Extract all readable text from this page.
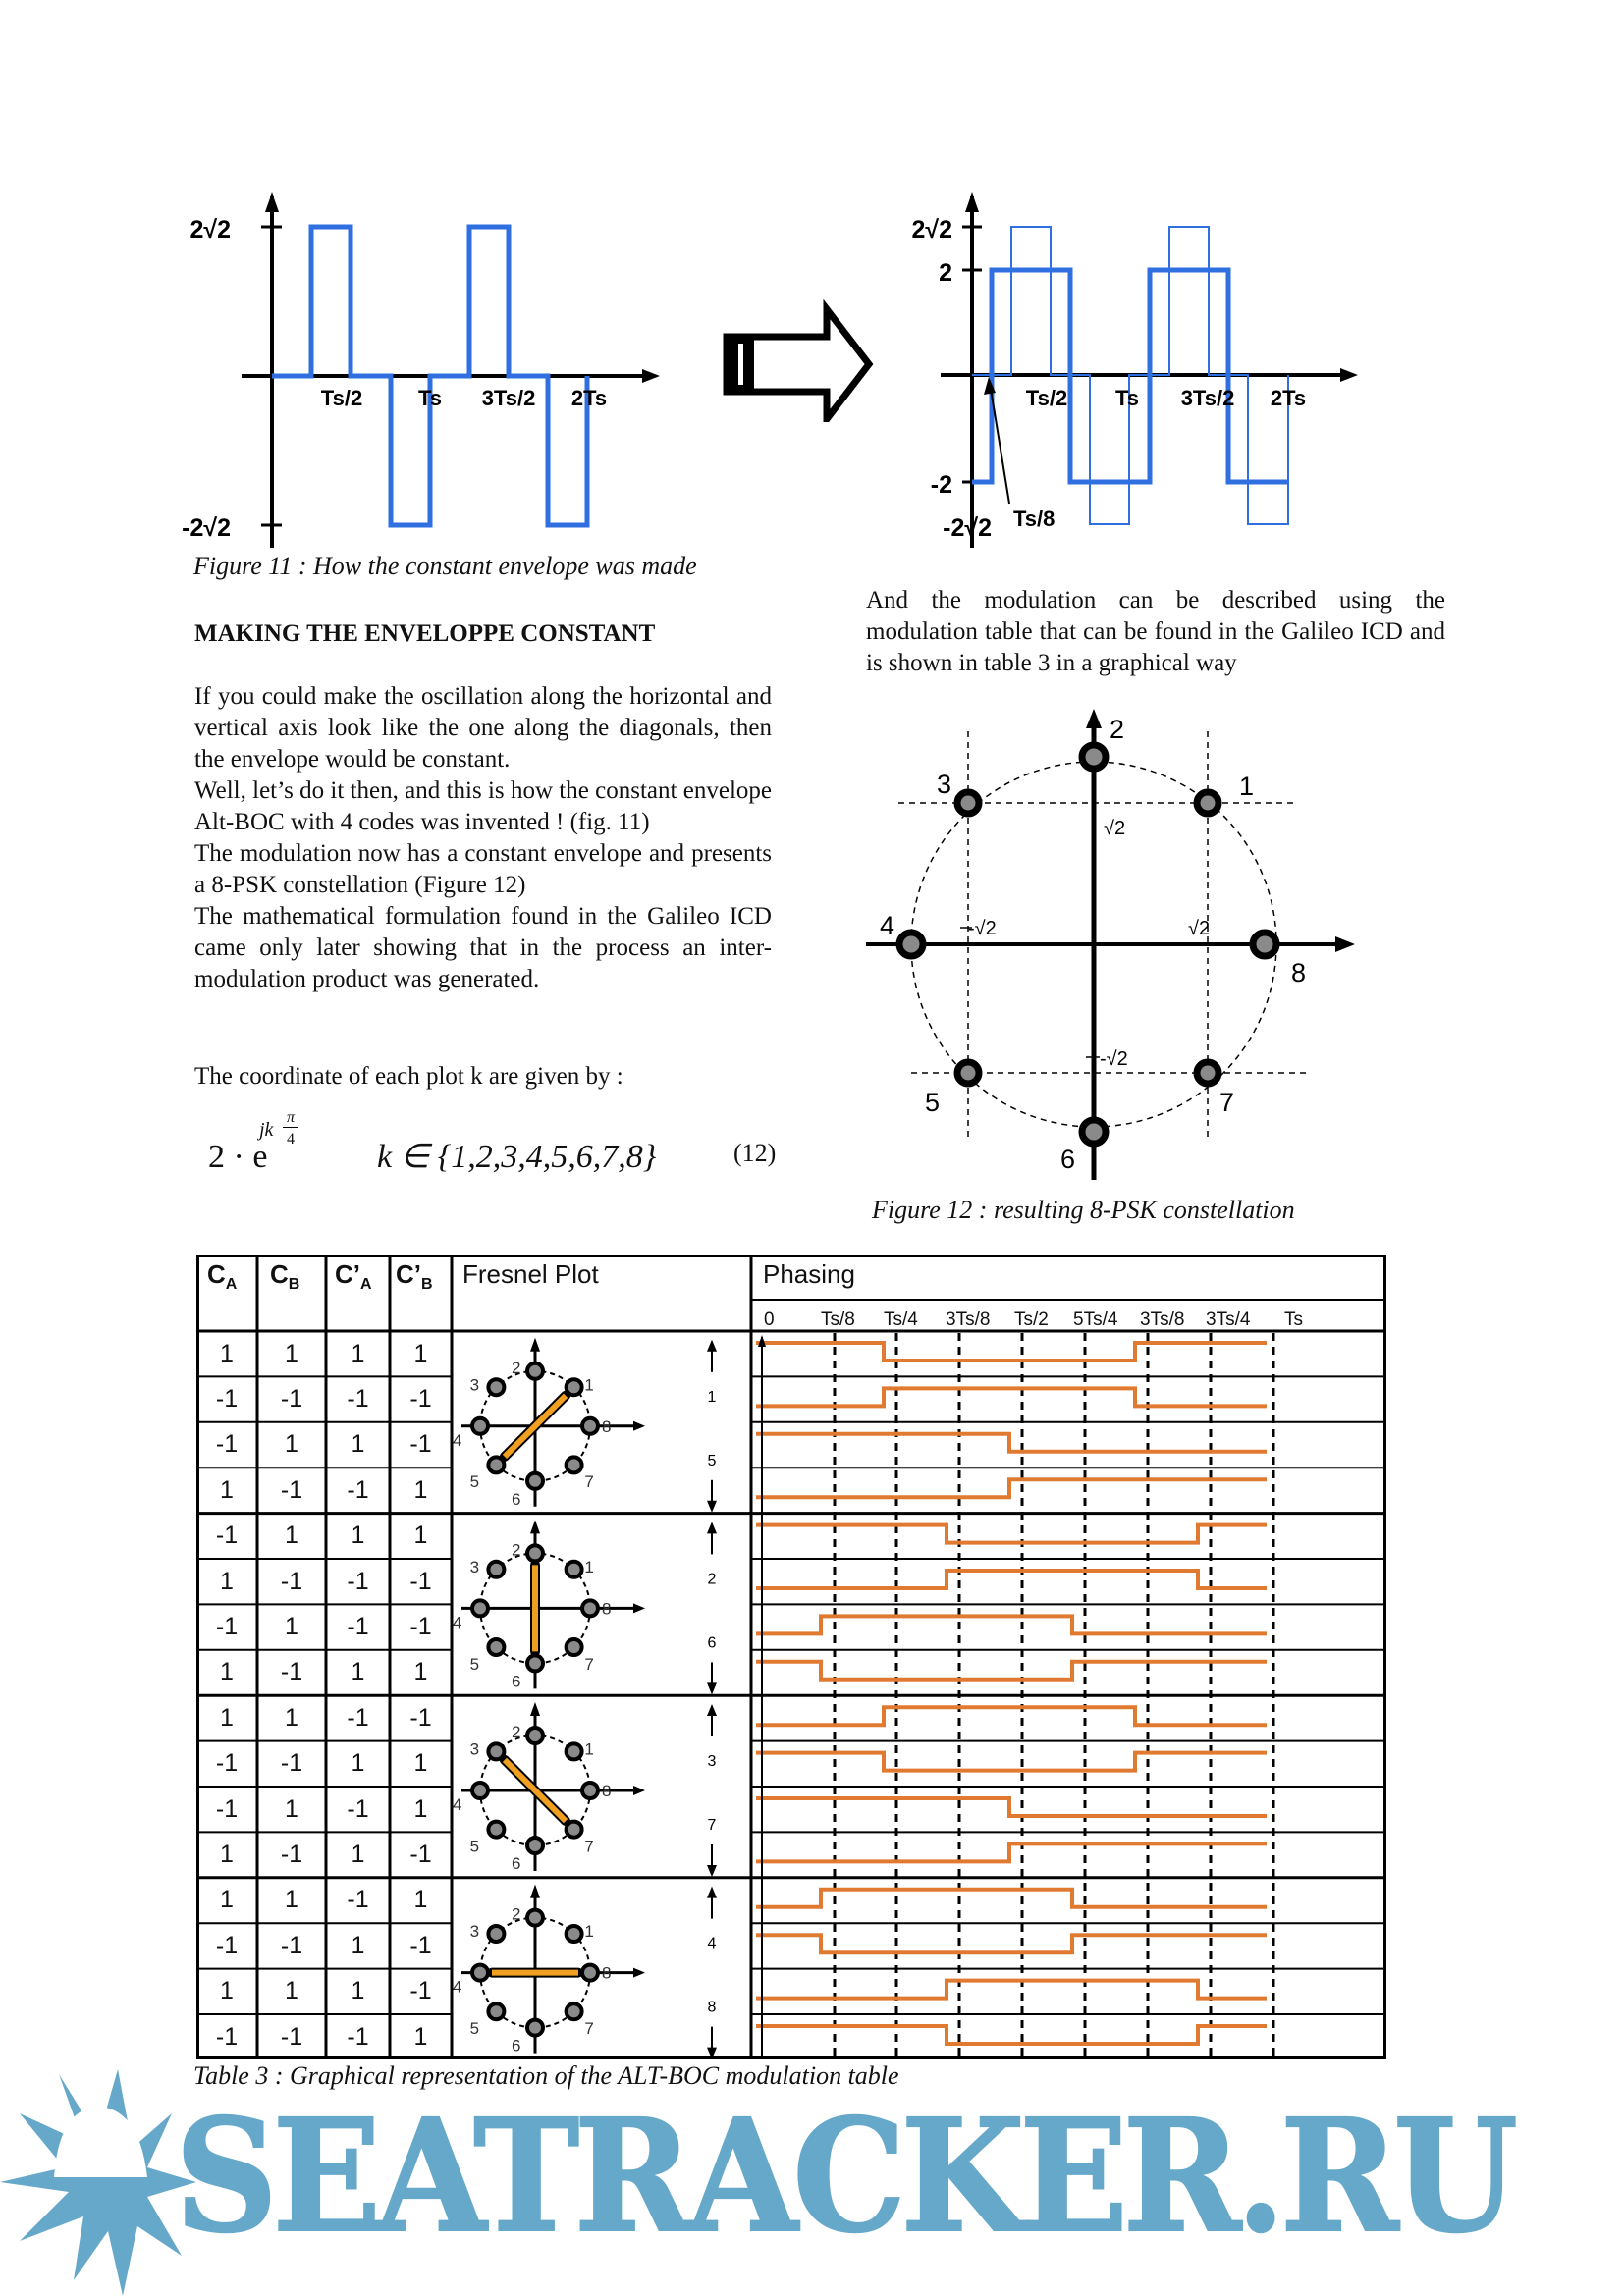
2√2
-2√2
Ts/2	Ts 3Ts/2 2Ts
Ts/8
2√2
2
-2
-2√2
Ts/2 Ts 3Ts/2 2Ts
Figure 11 : How the constant envelope was made
MAKING THE ENVELOPPE CONSTANT
If you could make the oscillation along the horizontal and vertical axis look like the one along the diagonals, then the envelope would be constant.
Well, let’s do it then, and this is how the constant envelope Alt-BOC with 4 codes was invented ! (fig. 11)
The modulation now has a constant envelope and presents a 8-PSK constellation (Figure 12)
The mathematical formulation found in the Galileo ICD came only later showing that in the process an inter-modulation product was generated.
The coordinate of each plot k are given by :
2 · e
jk
π
4 k ∈ {1,2,3,4,5,6,7,8}	(12)
And the modulation can be described using the modulation table that can be found in the Galileo ICD and is shown in table 3 in a graphical way
1
2
3
4
5
6
7
8
√2
-√2	√2
-√2
Figure 12 : resulting 8-PSK constellation
$C_A$ $C_B$ $C’_A$ $C’_B$ Fresnel Plot	Phasing
1
2
3
4
5
6
7
8
1
5
1
2
3
4
5
6
7
8
2
6
1
2
3
4
5
6
7
8
3
7
1
2
3
4
5
6
7
8
4
8
0 Ts/8 Ts/4 3Ts/8 Ts/2 5Ts/4 3Ts/8 3Ts/4 Ts
1	1	1	1
-1	-1	-1	-1
-1	1	1	-1
1	-1	-1	1
-1	1	1	1
1	-1	-1	-1
-1	1	-1	-1
1	-1	1	1
1	1	-1	-1
-1	-1	1	1
-1	1	-1	1
1	-1	1	-1
1	1	-1	1
-1	-1	1	-1
1	1	1	-1
-1	-1	-1	1
Table 3 : Graphical representation of the ALT-BOC modulation table
SEATRACKER.RU
